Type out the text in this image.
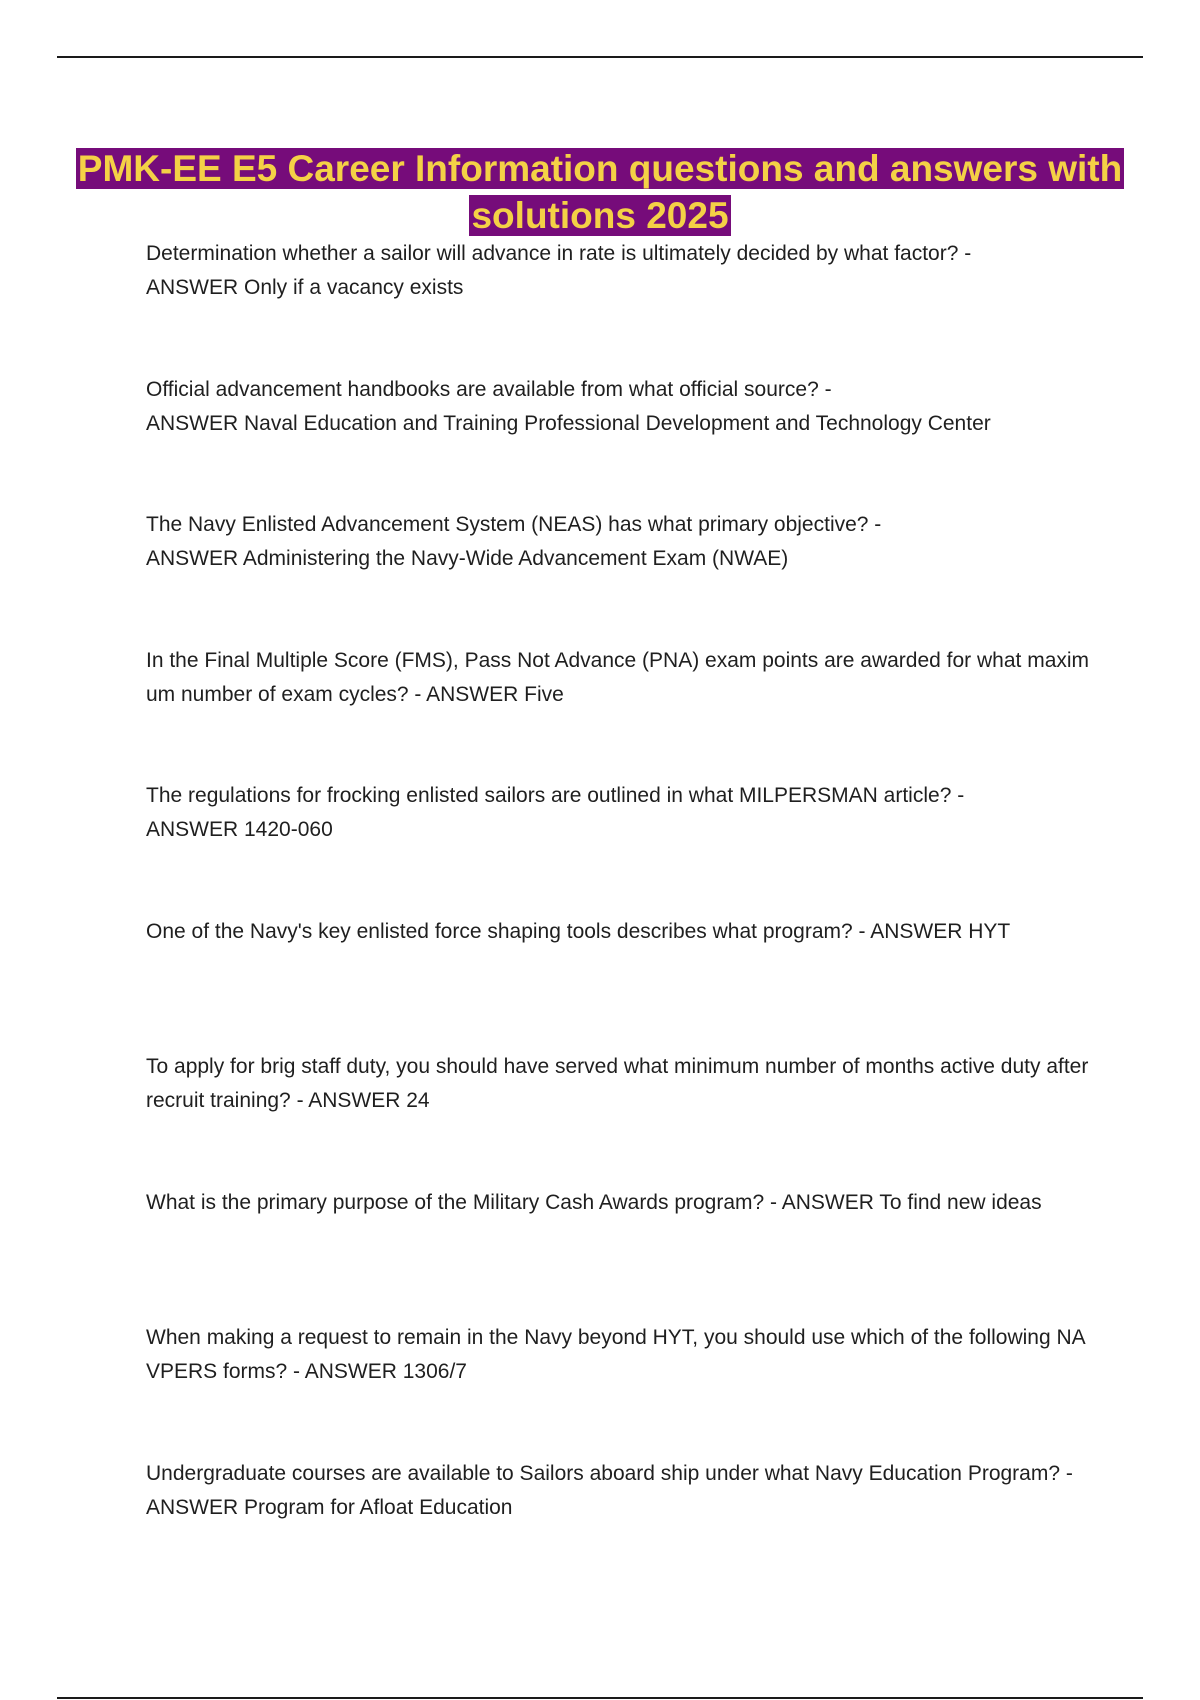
PMK-EE E5 Career Information questions and answers with solutions 2025
Determination whether a sailor will advance in rate is ultimately decided by what factor? -
ANSWER Only if a vacancy exists
Official advancement handbooks are available from what official source? -
ANSWER Naval Education and Training Professional Development and Technology Center
The Navy Enlisted Advancement System (NEAS) has what primary objective? -
ANSWER Administering the Navy-Wide Advancement Exam (NWAE)
In the Final Multiple Score (FMS), Pass Not Advance (PNA) exam points are awarded for what maximum number of exam cycles? - ANSWER Five
The regulations for frocking enlisted sailors are outlined in what MILPERSMAN article? -
ANSWER 1420-060
One of the Navy's key enlisted force shaping tools describes what program? - ANSWER HYT
To apply for brig staff duty, you should have served what minimum number of months active duty after recruit training? - ANSWER 24
What is the primary purpose of the Military Cash Awards program? - ANSWER To find new ideas
When making a request to remain in the Navy beyond HYT, you should use which of the following NAVPERS forms? - ANSWER 1306/7
Undergraduate courses are available to Sailors aboard ship under what Navy Education Program? - ANSWER Program for Afloat Education
